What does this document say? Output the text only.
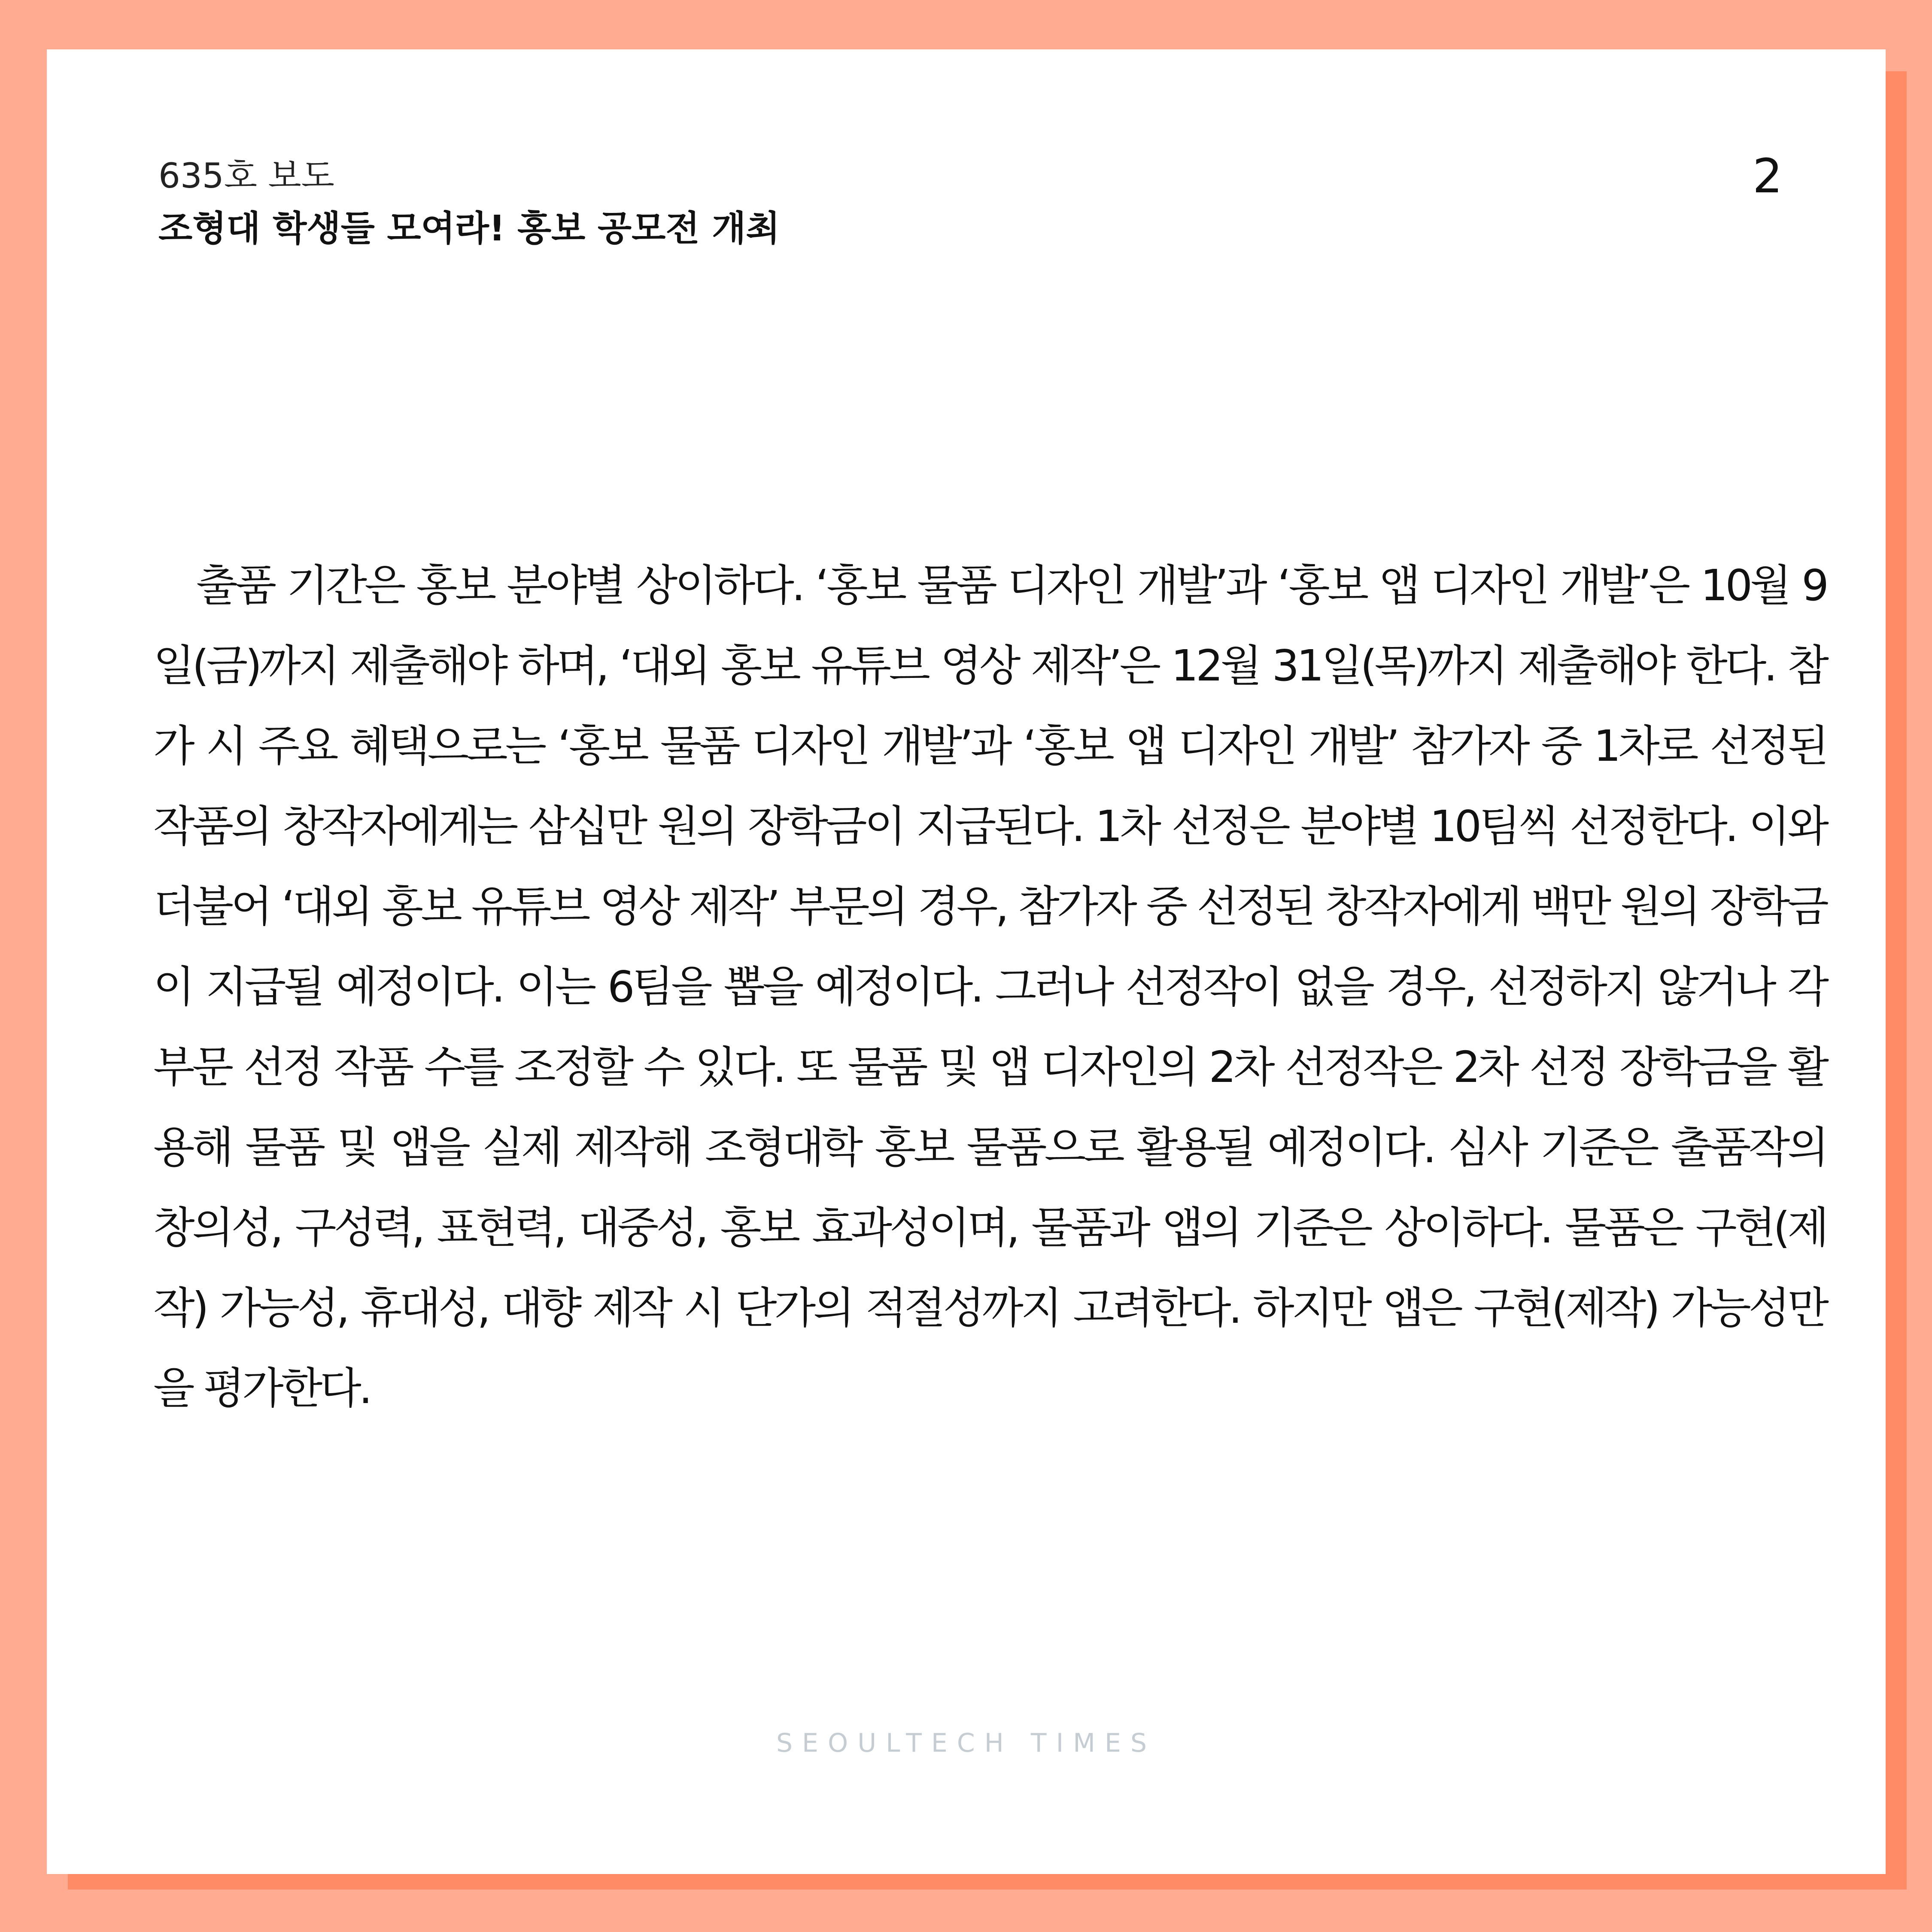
635호 보도
조형대 학생들 모여라! 홍보 공모전 개최
2

출품 기간은 홍보 분야별 상이하다. ‘홍보 물품 디자인 개발’과 ‘홍보 앱 디자인 개발’은 10월 9일(금)까지 제출해야 하며, ‘대외 홍보 유튜브 영상 제작’은 12월 31일(목)까지 제출해야 한다. 참가 시 주요 혜택으로는 ‘홍보 물품 디자인 개발’과 ‘홍보 앱 디자인 개발’ 참가자 중 1차로 선정된 작품의 창작자에게는 삼십만 원의 장학금이 지급된다. 1차 선정은 분야별 10팀씩 선정한다. 이와 더불어 ‘대외 홍보 유튜브 영상 제작’ 부문의 경우, 참가자 중 선정된 창작자에게 백만 원의 장학금이 지급될 예정이다. 이는 6팀을 뽑을 예정이다. 그러나 선정작이 없을 경우, 선정하지 않거나 각 부문 선정 작품 수를 조정할 수 있다. 또 물품 및 앱 디자인의 2차 선정작은 2차 선정 장학금을 활용해 물품 및 앱을 실제 제작해 조형대학 홍보 물품으로 활용될 예정이다. 심사 기준은 출품작의 창의성, 구성력, 표현력, 대중성, 홍보 효과성이며, 물품과 앱의 기준은 상이하다. 물품은 구현(제작) 가능성, 휴대성, 대향 제작 시 단가의 적절성까지 고려한다. 하지만 앱은 구현(제작) 가능성만을 평가한다.

SEOULTECH TIMES
